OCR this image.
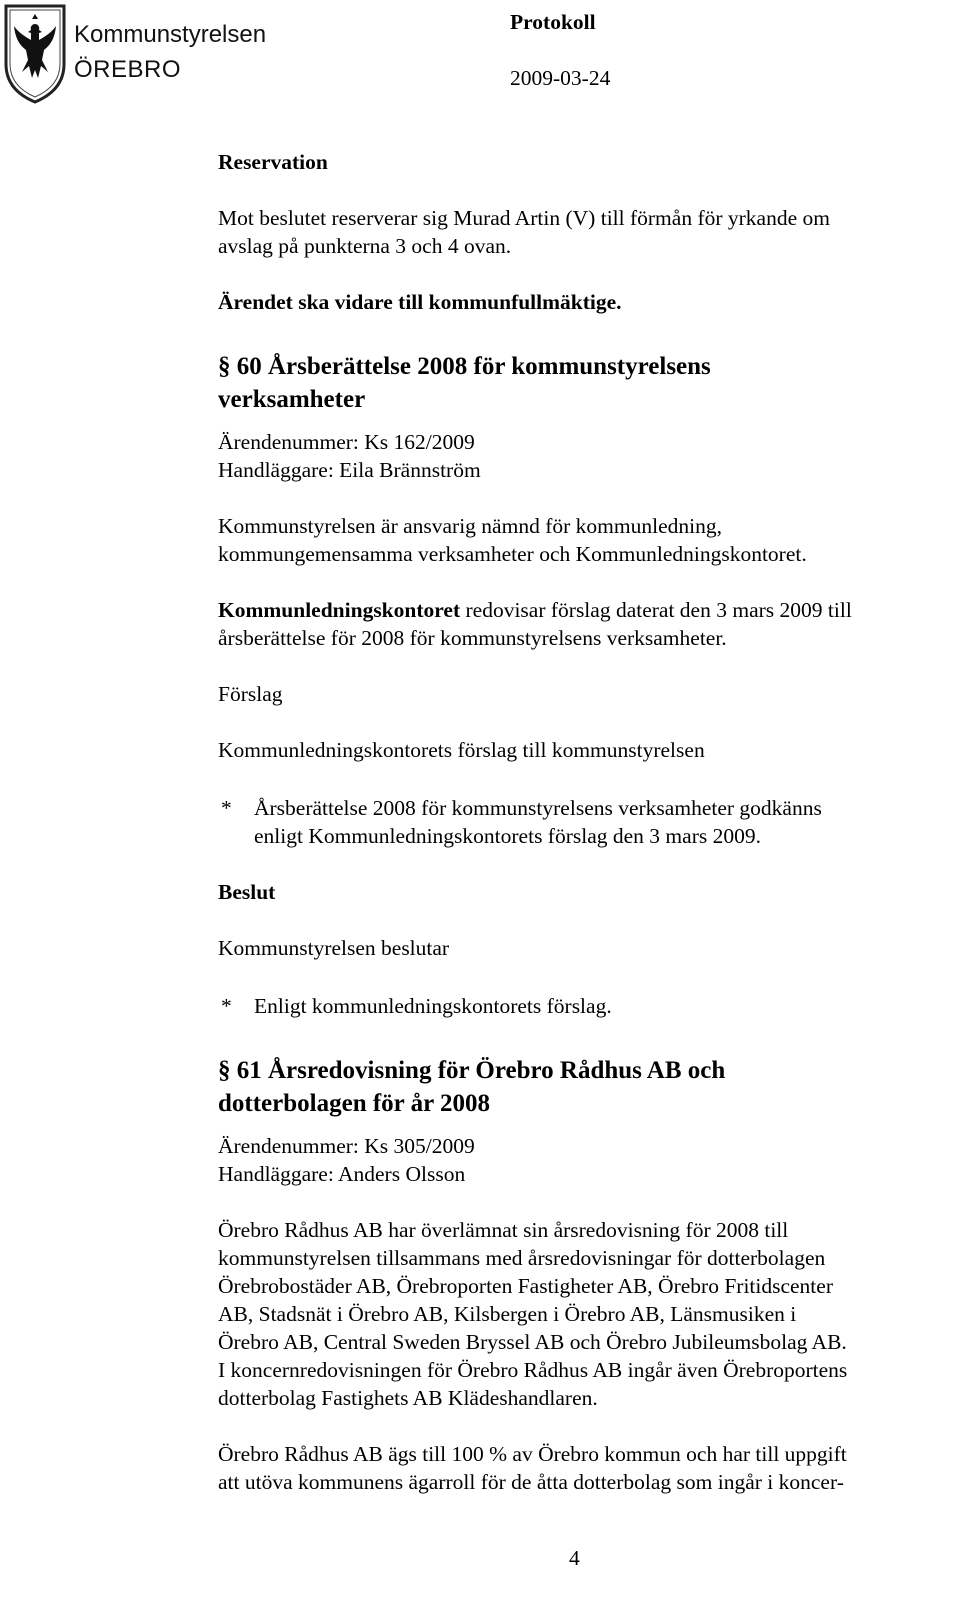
Kommunstyrelsen
ÖREBRO
Protokoll
2009-03-24
Reservation
Mot beslutet reserverar sig Murad Artin (V) till förmån för yrkande om
avslag på punkterna 3 och 4 ovan.
Ärendet ska vidare till kommunfullmäktige.
§ 60 Årsberättelse 2008 för kommunstyrelsens
verksamheter
Ärendenummer: Ks 162/2009
Handläggare: Eila Brännström
Kommunstyrelsen är ansvarig nämnd för kommunledning,
kommungemensamma verksamheter och Kommunledningskontoret.
Kommunledningskontoret redovisar förslag daterat den 3 mars 2009 till
årsberättelse för 2008 för kommunstyrelsens verksamheter.
Förslag
Kommunledningskontorets förslag till kommunstyrelsen
*	Årsberättelse 2008 för kommunstyrelsens verksamheter godkänns
enligt Kommunledningskontorets förslag den 3 mars 2009.
Beslut
Kommunstyrelsen beslutar
*	Enligt kommunledningskontorets förslag.
§ 61 Årsredovisning för Örebro Rådhus AB och
dotterbolagen för år 2008
Ärendenummer: Ks 305/2009
Handläggare: Anders Olsson
Örebro Rådhus AB har överlämnat sin årsredovisning för 2008 till
kommunstyrelsen tillsammans med årsredovisningar för dotterbolagen
Örebrobostäder AB, Örebroporten Fastigheter AB, Örebro Fritidscenter
AB, Stadsnät i Örebro AB, Kilsbergen i Örebro AB, Länsmusiken i
Örebro AB, Central Sweden Bryssel AB och Örebro Jubileumsbolag AB.
I koncernredovisningen för Örebro Rådhus AB ingår även Örebroportens
dotterbolag Fastighets AB Klädeshandlaren.
Örebro Rådhus AB ägs till 100 % av Örebro kommun och har till uppgift
att utöva kommunens ägarroll för de åtta dotterbolag som ingår i koncer-
4
